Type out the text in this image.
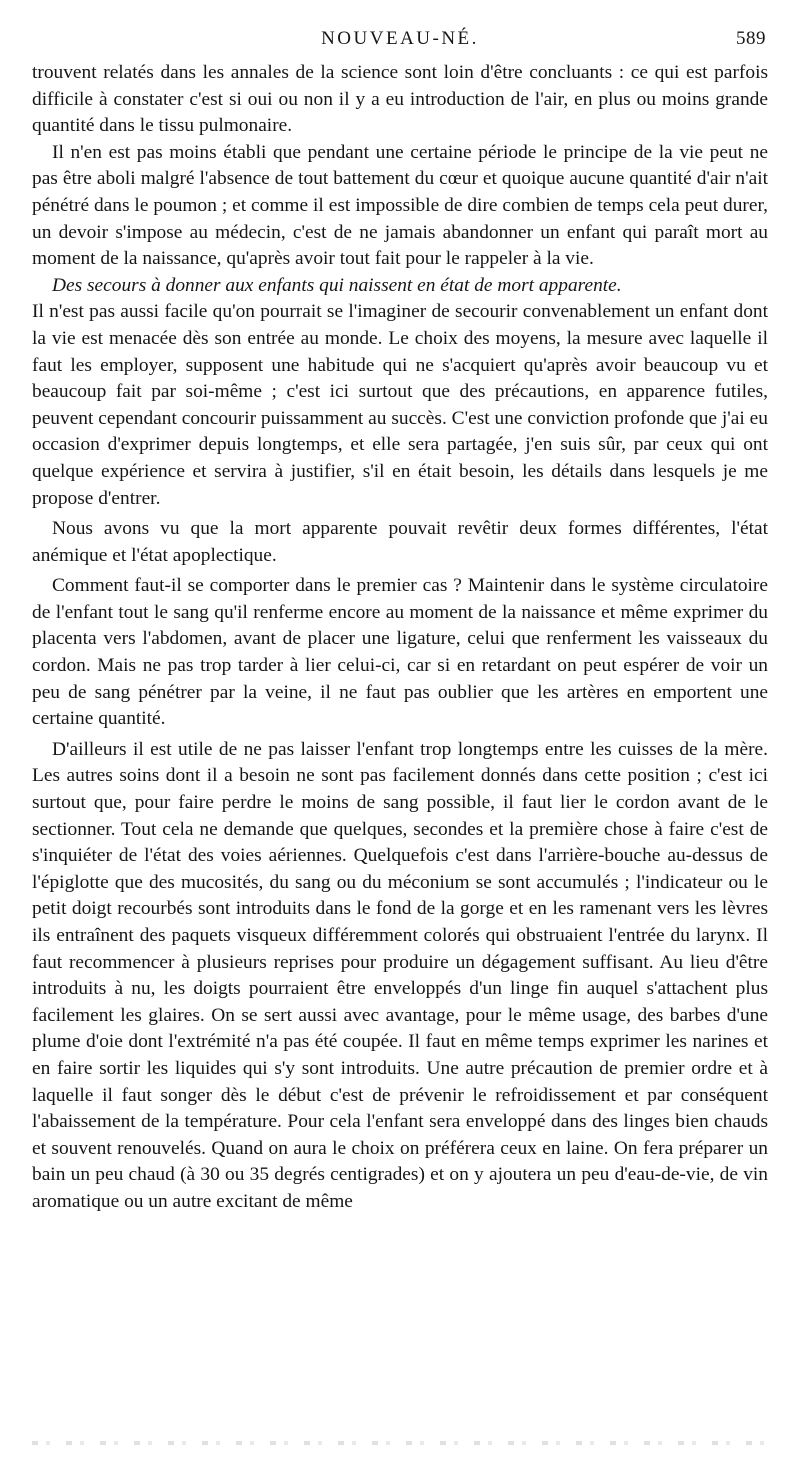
NOUVEAU-NÉ.	589

trouvent relatés dans les annales de la science sont loin d'être concluants : ce qui est parfois difficile à constater c'est si oui ou non il y a eu introduction de l'air, en plus ou moins grande quantité dans le tissu pulmonaire.

Il n'en est pas moins établi que pendant une certaine période le principe de la vie peut ne pas être aboli malgré l'absence de tout battement du cœur et quoique aucune quantité d'air n'ait pénétré dans le poumon ; et comme il est impossible de dire combien de temps cela peut durer, un devoir s'impose au médecin, c'est de ne jamais abandonner un enfant qui paraît mort au moment de la naissance, qu'après avoir tout fait pour le rappeler à la vie.

Des secours à donner aux enfants qui naissent en état de mort apparente.

Il n'est pas aussi facile qu'on pourrait se l'imaginer de secourir convenablement un enfant dont la vie est menacée dès son entrée au monde. Le choix des moyens, la mesure avec laquelle il faut les employer, supposent une habitude qui ne s'acquiert qu'après avoir beaucoup vu et beaucoup fait par soi-même ; c'est ici surtout que des précautions, en apparence futiles, peuvent cependant concourir puissamment au succès. C'est une conviction profonde que j'ai eu occasion d'exprimer depuis longtemps, et elle sera partagée, j'en suis sûr, par ceux qui ont quelque expérience et servira à justifier, s'il en était besoin, les détails dans lesquels je me propose d'entrer.

Nous avons vu que la mort apparente pouvait revêtir deux formes différentes, l'état anémique et l'état apoplectique.

Comment faut-il se comporter dans le premier cas ? Maintenir dans le système circulatoire de l'enfant tout le sang qu'il renferme encore au moment de la naissance et même exprimer du placenta vers l'abdomen, avant de placer une ligature, celui que renferment les vaisseaux du cordon. Mais ne pas trop tarder à lier celui-ci, car si en retardant on peut espérer de voir un peu de sang pénétrer par la veine, il ne faut pas oublier que les artères en emportent une certaine quantité.

D'ailleurs il est utile de ne pas laisser l'enfant trop longtemps entre les cuisses de la mère. Les autres soins dont il a besoin ne sont pas facilement donnés dans cette position ; c'est ici surtout que, pour faire perdre le moins de sang possible, il faut lier le cordon avant de le sectionner. Tout cela ne demande que quelques, secondes et la première chose à faire c'est de s'inquiéter de l'état des voies aériennes. Quelquefois c'est dans l'arrière-bouche au-dessus de l'épiglotte que des mucosités, du sang ou du méconium se sont accumulés ; l'indicateur ou le petit doigt recourbés sont introduits dans le fond de la gorge et en les ramenant vers les lèvres ils entraînent des paquets visqueux différemment colorés qui obstruaient l'entrée du larynx. Il faut recommencer à plusieurs reprises pour produire un dégagement suffisant. Au lieu d'être introduits à nu, les doigts pourraient être enveloppés d'un linge fin auquel s'attachent plus facilement les glaires. On se sert aussi avec avantage, pour le même usage, des barbes d'une plume d'oie dont l'extrémité n'a pas été coupée. Il faut en même temps exprimer les narines et en faire sortir les liquides qui s'y sont introduits. Une autre précaution de premier ordre et à laquelle il faut songer dès le début c'est de prévenir le refroidissement et par conséquent l'abaissement de la température. Pour cela l'enfant sera enveloppé dans des linges bien chauds et souvent renouvelés. Quand on aura le choix on préférera ceux en laine. On fera préparer un bain un peu chaud (à 30 ou 35 degrés centigrades) et on y ajoutera un peu d'eau-de-vie, de vin aromatique ou un autre excitant de même
